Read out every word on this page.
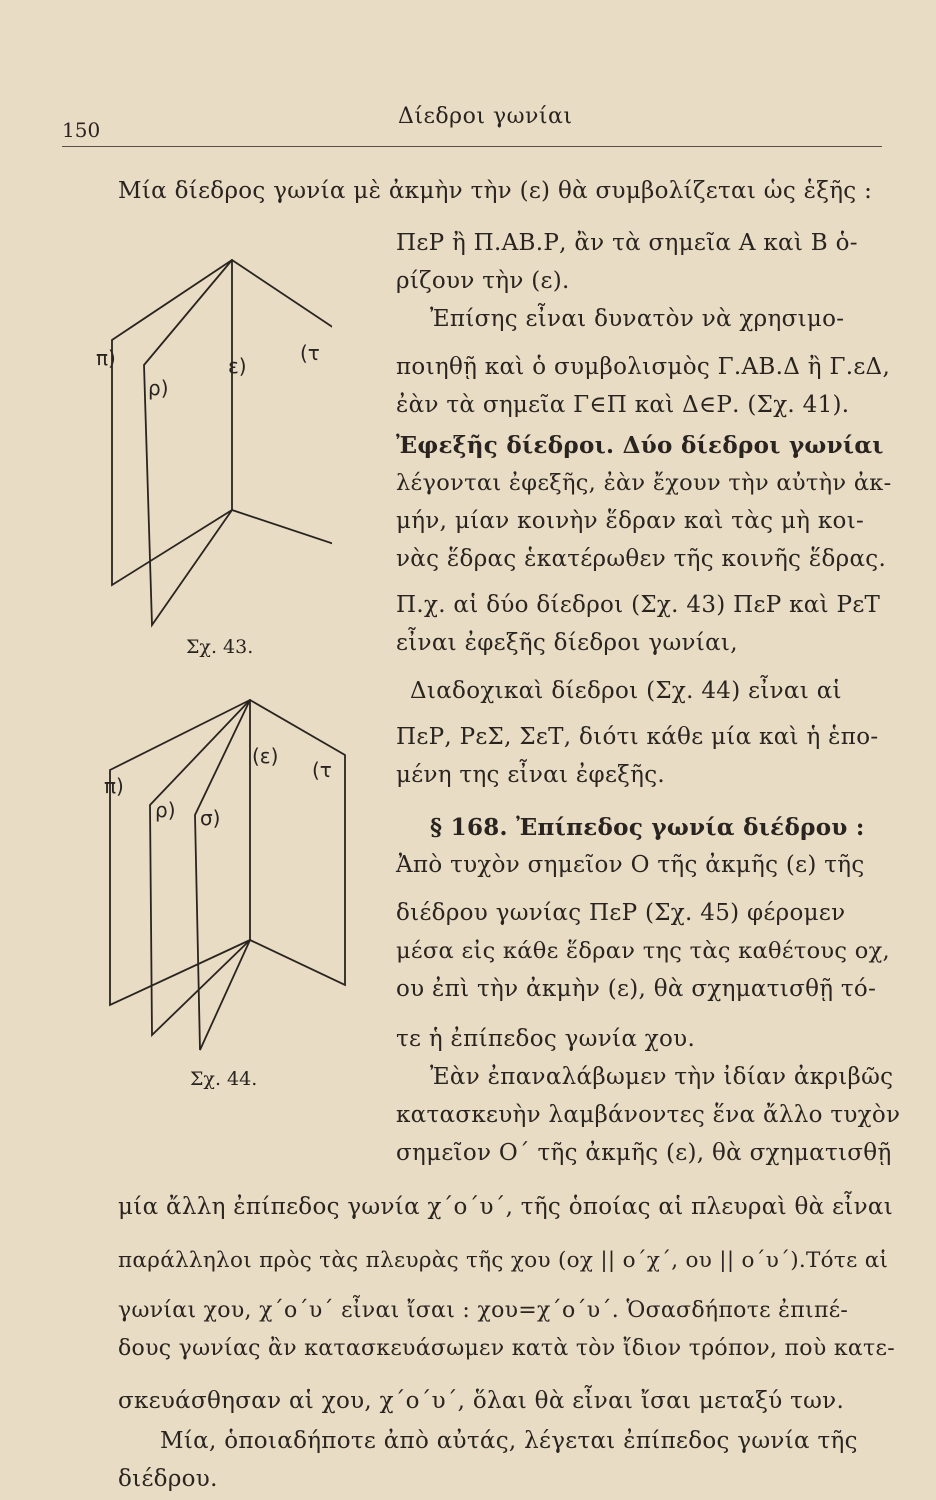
150
Δίεδροι γωνίαι
π)
ρ)
ε)
(τ
Σχ. 43.
π)
ρ) σ)
(ε)
(τ
Σχ. 44.
Μία δίεδρος γωνία μὲ ἀκμὴν τὴν (ε) θὰ συμβολίζεται ὡς ἑξῆς :
ΠεΡ ἢ Π.ΑΒ.Ρ, ἂν τὰ σημεῖα Α καὶ Β ὁ-
ρίζουν τὴν (ε).
Ἐπίσης εἶναι δυνατὸν νὰ χρησιμο-
ποιηθῇ καὶ ὁ συμβολισμὸς Γ.ΑΒ.Δ ἢ Γ.εΔ,
ἐὰν τὰ σημεῖα Γ∈Π καὶ Δ∈Ρ. (Σχ. 41).
Ἐφεξῆς δίεδροι. Δύο δίεδροι γωνίαι
λέγονται ἐφεξῆς, ἐὰν ἔχουν τὴν αὐτὴν ἀκ-
μήν, μίαν κοινὴν ἕδραν καὶ τὰς μὴ κοι-
νὰς ἕδρας ἑκατέρωθεν τῆς κοινῆς ἕδρας.
Π.χ. αἱ δύο δίεδροι (Σχ. 43) ΠεΡ καὶ ΡεΤ
εἶναι ἐφεξῆς δίεδροι γωνίαι,
Διαδοχικαὶ δίεδροι (Σχ. 44) εἶναι αἱ
ΠεΡ, ΡεΣ, ΣεΤ, διότι κάθε μία καὶ ἡ ἑπο-
μένη της εἶναι ἐφεξῆς.
§ 168. Ἐπίπεδος γωνία διέδρου :
Ἀπὸ τυχὸν σημεῖον Ο τῆς ἀκμῆς (ε) τῆς
διέδρου γωνίας ΠεΡ (Σχ. 45) φέρομεν
μέσα εἰς κάθε ἕδραν της τὰς καθέτους οχ,
ου ἐπὶ τὴν ἀκμὴν (ε), θὰ σχηματισθῇ τό-
τε ἡ ἐπίπεδος γωνία χου.
Ἐὰν ἐπαναλάβωμεν τὴν ἰδίαν ἀκριβῶς
κατασκευὴν λαμβάνοντες ἕνα ἄλλο τυχὸν
σημεῖον Ο΄ τῆς ἀκμῆς (ε), θὰ σχηματισθῇ
μία ἄλλη ἐπίπεδος γωνία χ΄ο΄υ΄, τῆς ὁποίας αἱ πλευραὶ θὰ εἶναι
παράλληλοι πρὸς τὰς πλευρὰς τῆς χου (οχ || ο΄χ΄, ου || ο΄υ΄).Τότε αἱ
γωνίαι χου, χ΄ο΄υ΄ εἶναι ἴσαι : χου=χ΄ο΄υ΄. Ὁσασδήποτε ἐπιπέ-
δους γωνίας ἂν κατασκευάσωμεν κατὰ τὸν ἴδιον τρόπον, ποὺ κατε-
σκευάσθησαν αἱ χου, χ΄ο΄υ΄, ὅλαι θὰ εἶναι ἴσαι μεταξύ των.
Μία, ὁποιαδήποτε ἀπὸ αὐτάς, λέγεται ἐπίπεδος γωνία τῆς
διέδρου.
